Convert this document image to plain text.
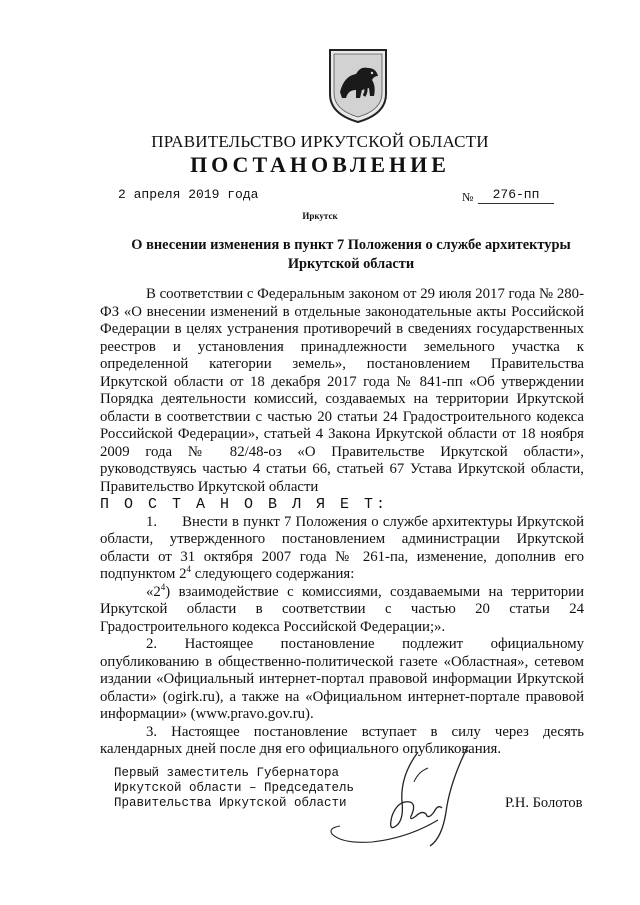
ПРАВИТЕЛЬСТВО ИРКУТСКОЙ ОБЛАСТИ
ПОСТАНОВЛЕНИЕ
2 апреля 2019 года	№	276-пп
Иркутск
О внесении изменения в пункт 7 Положения о службе архитектуры Иркутской области

В соответствии с Федеральным законом от 29 июля 2017 года № 280-ФЗ «О внесении изменений в отдельные законодательные акты Российской Федерации в целях устранения противоречий в сведениях государственных реестров и установления принадлежности земельного участка к определенной категории земель», постановлением Правительства Иркутской области от 18 декабря 2017 года № 841-пп «Об утверждении Порядка деятельности комиссий, создаваемых на территории Иркутской области в соответствии с частью 20 статьи 24 Градостроительного кодекса Российской Федерации», статьей 4 Закона Иркутской области от 18 ноября 2009 года № 82/48-оз «О Правительстве Иркутской области», руководствуясь частью 4 статьи 66, статьей 67 Устава Иркутской области, Правительство Иркутской области

П О С Т А Н О В Л Я Е Т:

1. Внести в пункт 7 Положения о службе архитектуры Иркутской области, утвержденного постановлением администрации Иркутской области от 31 октября 2007 года № 261-па, изменение, дополнив его подпунктом $2^4$ следующего содержания:

«$2^4$) взаимодействие с комиссиями, создаваемыми на территории Иркутской области в соответствии с частью 20 статьи 24 Градостроительного кодекса Российской Федерации;».

2. Настоящее постановление подлежит официальному опубликованию в общественно-политической газете «Областная», сетевом издании «Официальный интернет-портал правовой информации Иркутской области» (ogirk.ru), а также на «Официальном интернет-портале правовой информации» (www.pravo.gov.ru).

3. Настоящее постановление вступает в силу через десять календарных дней после дня его официального опубликования.

Первый заместитель Губернатора
Иркутской области – Председатель
Правительства Иркутской области	Р.Н. Болотов
